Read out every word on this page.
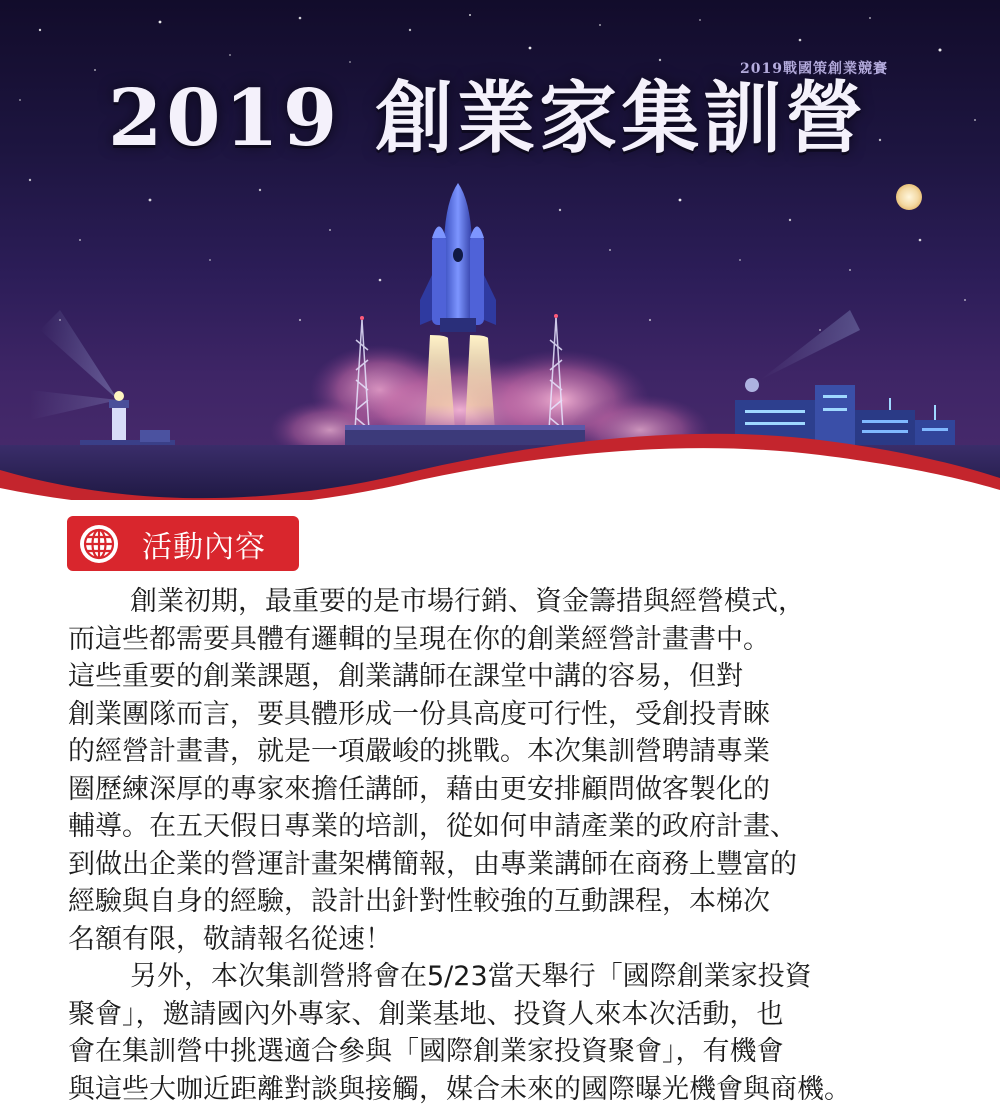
2019戰國策創業競賽
2019 創業家集訓營
活動內容
創業初期，最重要的是市場行銷、資金籌措與經營模式，
而這些都需要具體有邏輯的呈現在你的創業經營計畫書中。
這些重要的創業課題，創業講師在課堂中講的容易，但對
創業團隊而言，要具體形成一份具高度可行性，受創投青睞
的經營計畫書，就是一項嚴峻的挑戰。本次集訓營聘請專業
圈歷練深厚的專家來擔任講師，藉由更安排顧問做客製化的
輔導。在五天假日專業的培訓，從如何申請產業的政府計畫、
到做出企業的營運計畫架構簡報，由專業講師在商務上豐富的
經驗與自身的經驗，設計出針對性較強的互動課程，本梯次
名額有限，敬請報名從速！
另外，本次集訓營將會在5/23當天舉行「國際創業家投資
聚會」，邀請國內外專家、創業基地、投資人來本次活動，也
會在集訓營中挑選適合參與「國際創業家投資聚會」，有機會
與這些大咖近距離對談與接觸，媒合未來的國際曝光機會與商機。
